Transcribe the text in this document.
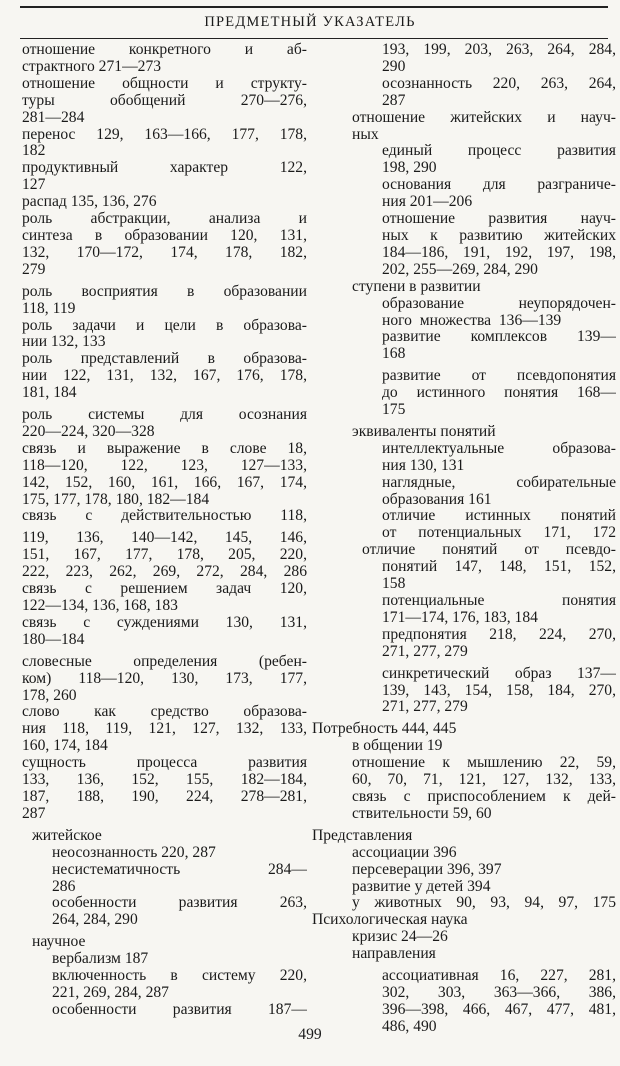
ПРЕДМЕТНЫЙ УКАЗАТЕЛЬ
отношение конкретного и аб-
страктного 271—273
отношение общности и структу-
туры обобщений 270—276,
281—284
перенос 129, 163—166, 177, 178,
182
продуктивный характер 122,
127
распад 135, 136, 276
роль абстракции, анализа и
синтеза в образовании 120, 131,
132, 170—172, 174, 178, 182,
279
роль восприятия в образовании
118, 119
роль задачи и цели в образова-
нии 132, 133
роль представлений в образова-
нии 122, 131, 132, 167, 176, 178,
181, 184
роль системы для осознания
220—224, 320—328
связь и выражение в слове 18,
118—120, 122, 123, 127—133,
142, 152, 160, 161, 166, 167, 174,
175, 177, 178, 180, 182—184
связь с действительностью 118,
119, 136, 140—142, 145, 146,
151, 167, 177, 178, 205, 220,
222, 223, 262, 269, 272, 284, 286
связь с решением задач 120,
122—134, 136, 168, 183
связь с суждениями 130, 131,
180—184
словесные определения (ребен-
ком) 118—120, 130, 173, 177,
178, 260
слово как средство образова-
ния 118, 119, 121, 127, 132, 133,
160, 174, 184
сущность процесса развития
133, 136, 152, 155, 182—184,
187, 188, 190, 224, 278—281,
287
житейское
неосознанность 220, 287
несистематичность 284—
286
особенности развития 263,
264, 284, 290
научное
вербализм 187
включенность в систему 220,
221, 269, 284, 287
особенности развития 187—
193, 199, 203, 263, 264, 284,
290
осознанность 220, 263, 264,
287
отношение житейских и науч-
ных
единый процесс развития
198, 290
основания для разграниче-
ния 201—206
отношение развития науч-
ных к развитию житейских
184—186, 191, 192, 197, 198,
202, 255—269, 284, 290
ступени в развитии
образование неупорядочен-
ного  множества  136—139
развитие комплексов 139—
168
развитие от псевдопонятия
до истинного понятия 168—
175
эквиваленты понятий
интеллектуальные образова-
ния 130, 131
наглядные, собирательные
образования 161
отличие истинных понятий
от потенциальных 171, 172
отличие понятий от псевдо-
понятий 147, 148, 151, 152,
158
потенциальные понятия
171—174, 176, 183, 184
предпонятия 218, 224, 270,
271, 277, 279
синкретический образ 137—
139, 143, 154, 158, 184, 270,
271, 277, 279
Потребность 444, 445
в общении 19
отношение к мышлению 22, 59,
60, 70, 71, 121, 127, 132, 133,
связь с приспособлением к дей-
ствительности 59, 60
Представления
ассоциации 396
персеверации 396, 397
развитие у детей 394
у животных 90, 93, 94, 97, 175
Психологическая наука
кризис 24—26
направления
ассоциативная 16, 227, 281,
302, 303, 363—366, 386,
396—398, 466, 467, 477, 481,
486, 490
499
